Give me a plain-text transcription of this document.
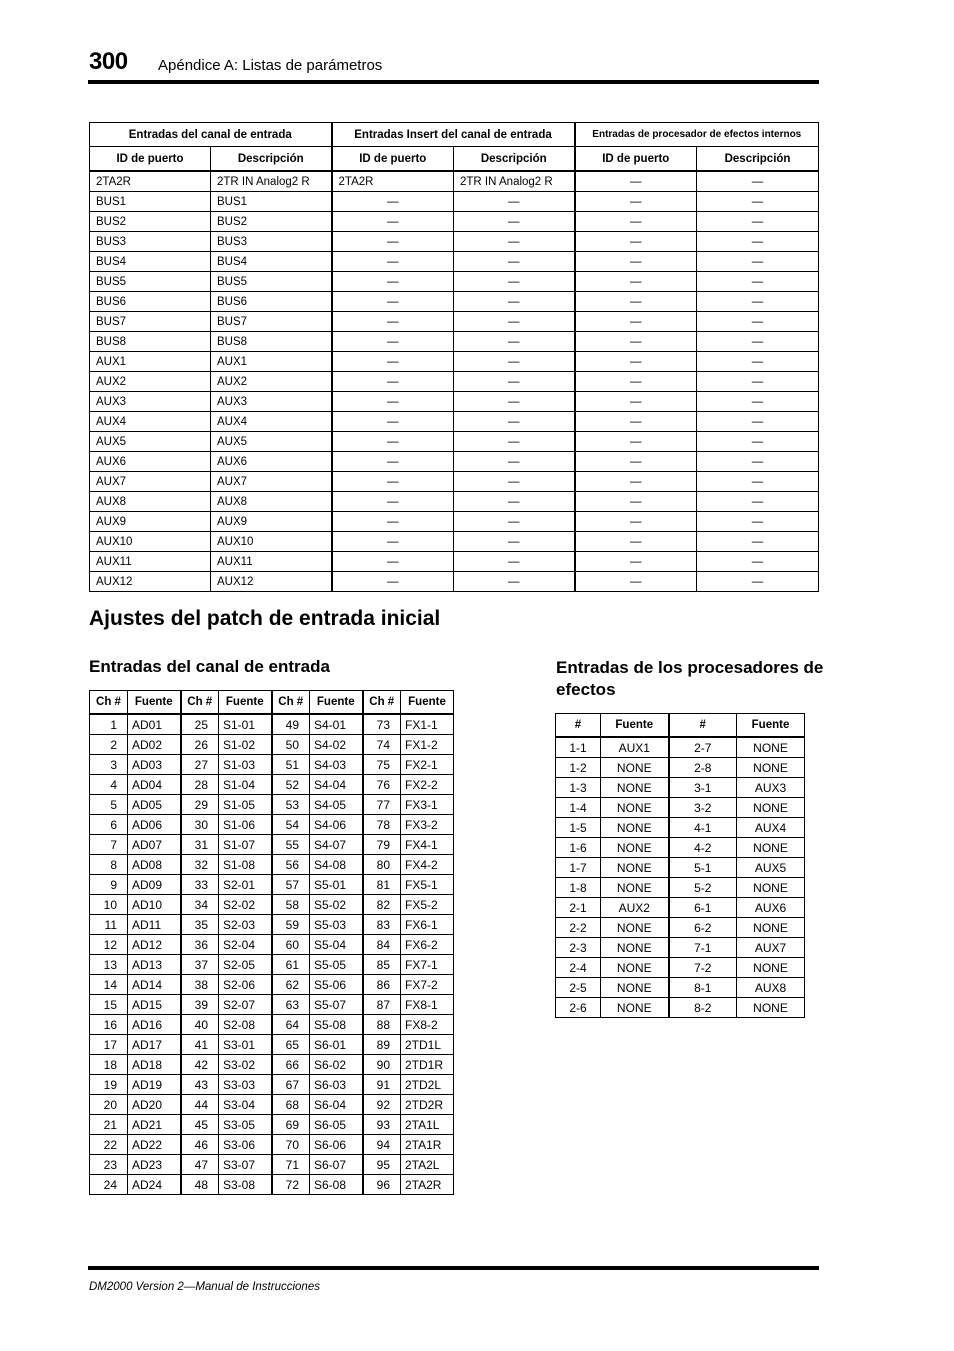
300 Apéndice A: Listas de parámetros
Entradas del canal de entrada		Entradas Insert del canal de entrada		Entradas de procesador de efectos internos	
ID de puerto	Descripción	ID de puerto	Descripción	ID de puerto	Descripción
2TA2R	2TR IN Analog2 R	2TA2R	2TR IN Analog2 R	—	—
BUS1	BUS1	—	—	—	—
BUS2	BUS2	—	—	—	—
BUS3	BUS3	—	—	—	—
BUS4	BUS4	—	—	—	—
BUS5	BUS5	—	—	—	—
BUS6	BUS6	—	—	—	—
BUS7	BUS7	—	—	—	—
BUS8	BUS8	—	—	—	—
AUX1	AUX1	—	—	—	—
AUX2	AUX2	—	—	—	—
AUX3	AUX3	—	—	—	—
AUX4	AUX4	—	—	—	—
AUX5	AUX5	—	—	—	—
AUX6	AUX6	—	—	—	—
AUX7	AUX7	—	—	—	—
AUX8	AUX8	—	—	—	—
AUX9	AUX9	—	—	—	—
AUX10	AUX10	—	—	—	—
AUX11	AUX11	—	—	—	—
AUX12	AUX12	—	—	—	—
Ajustes del patch de entrada inicial
Entradas del canal de entrada	Entradas de los procesadores de efectos
Ch #	Fuente	Ch #	Fuente	Ch #	Fuente	Ch #	Fuente
1	AD01	25	S1-01	49	S4-01	73	FX1-1
2	AD02	26	S1-02	50	S4-02	74	FX1-2
3	AD03	27	S1-03	51	S4-03	75	FX2-1
4	AD04	28	S1-04	52	S4-04	76	FX2-2
5	AD05	29	S1-05	53	S4-05	77	FX3-1
6	AD06	30	S1-06	54	S4-06	78	FX3-2
7	AD07	31	S1-07	55	S4-07	79	FX4-1
8	AD08	32	S1-08	56	S4-08	80	FX4-2
9	AD09	33	S2-01	57	S5-01	81	FX5-1
10	AD10	34	S2-02	58	S5-02	82	FX5-2
11	AD11	35	S2-03	59	S5-03	83	FX6-1
12	AD12	36	S2-04	60	S5-04	84	FX6-2
13	AD13	37	S2-05	61	S5-05	85	FX7-1
14	AD14	38	S2-06	62	S5-06	86	FX7-2
15	AD15	39	S2-07	63	S5-07	87	FX8-1
16	AD16	40	S2-08	64	S5-08	88	FX8-2
17	AD17	41	S3-01	65	S6-01	89	2TD1L
18	AD18	42	S3-02	66	S6-02	90	2TD1R
19	AD19	43	S3-03	67	S6-03	91	2TD2L
20	AD20	44	S3-04	68	S6-04	92	2TD2R
21	AD21	45	S3-05	69	S6-05	93	2TA1L
22	AD22	46	S3-06	70	S6-06	94	2TA1R
23	AD23	47	S3-07	71	S6-07	95	2TA2L
24	AD24	48	S3-08	72	S6-08	96	2TA2R
#	Fuente	#	Fuente
1-1	AUX1	2-7	NONE
1-2	NONE	2-8	NONE
1-3	NONE	3-1	AUX3
1-4	NONE	3-2	NONE
1-5	NONE	4-1	AUX4
1-6	NONE	4-2	NONE
1-7	NONE	5-1	AUX5
1-8	NONE	5-2	NONE
2-1	AUX2	6-1	AUX6
2-2	NONE	6-2	NONE
2-3	NONE	7-1	AUX7
2-4	NONE	7-2	NONE
2-5	NONE	8-1	AUX8
2-6	NONE	8-2	NONE
DM2000 Version 2—Manual de Instrucciones
